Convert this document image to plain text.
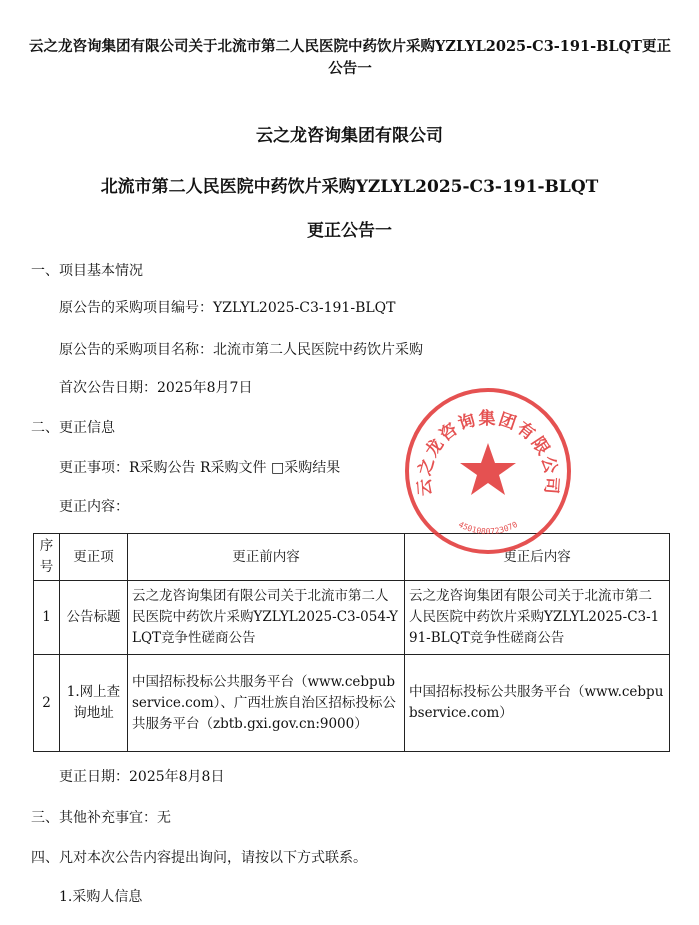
云之龙咨询集团有限公司关于北流市第二人民医院中药饮片采购YZLYL2025-C3-191-BLQT更正公告一
云之龙咨询集团有限公司
北流市第二人民医院中药饮片采购YZLYL2025-C3-191-BLQT
更正公告一
一、项目基本情况
原公告的采购项目编号：YZLYL2025-C3-191-BLQT
原公告的采购项目名称：北流市第二人民医院中药饮片采购
首次公告日期：2025年8月7日
二、更正信息
更正事项：R采购公告 R采购文件 □采购结果
更正内容：
序号	更正项	更正前内容	更正后内容
1	公告标题	云之龙咨询集团有限公司关于北流市第二人民医院中药饮片采购YZLYL2025-C3-054-YLQT竞争性磋商公告	云之龙咨询集团有限公司关于北流市第二人民医院中药饮片采购YZLYL2025-C3-191-BLQT竞争性磋商公告
2	1.网上查询地址	中国招标投标公共服务平台（www.cebpubservice.com）、广西壮族自治区招标投标公共服务平台（zbtb.gxi.gov.cn:9000）	中国招标投标公共服务平台（www.cebpubservice.com）
更正日期：2025年8月8日
三、其他补充事宜：无
四、凡对本次公告内容提出询问，请按以下方式联系。
1.采购人信息
云之龙咨询集团有限公司
4501080723070
